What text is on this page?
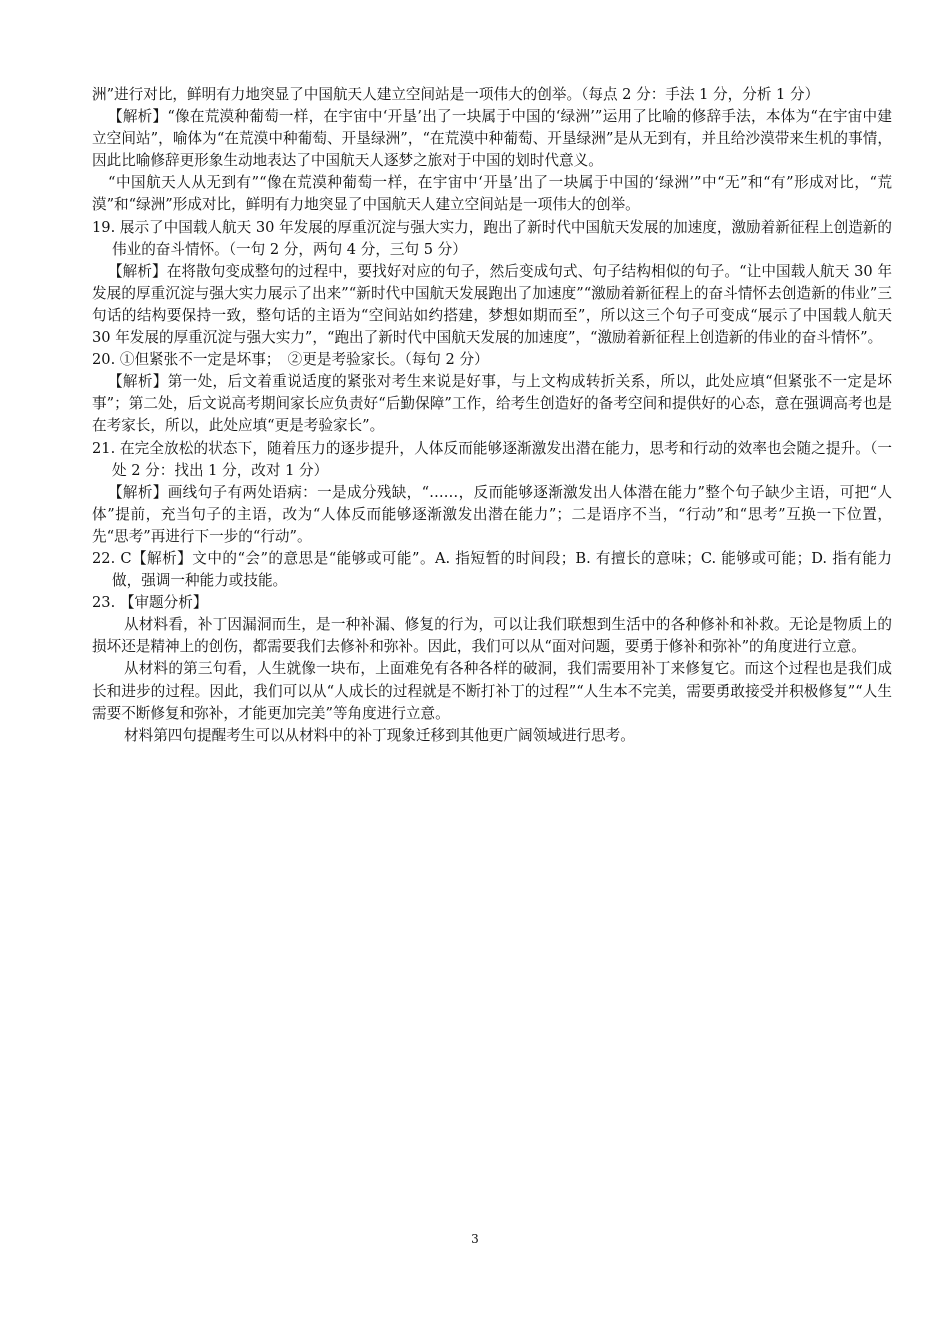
洲”进行对比，鲜明有力地突显了中国航天人建立空间站是一项伟大的创举。（每点 2 分：手法 1 分，分析 1 分）

【解析】“像在荒漠种葡萄一样，在宇宙中‘开垦’出了一块属于中国的‘绿洲’”运用了比喻的修辞手法，本体为“在宇宙中建立空间站”，喻体为“在荒漠中种葡萄、开垦绿洲”，“在荒漠中种葡萄、开垦绿洲”是从无到有，并且给沙漠带来生机的事情，因此比喻修辞更形象生动地表达了中国航天人逐梦之旅对于中国的划时代意义。

“中国航天人从无到有”“像在荒漠种葡萄一样，在宇宙中‘开垦’出了一块属于中国的‘绿洲’”中“无”和“有”形成对比，“荒漠”和“绿洲”形成对比，鲜明有力地突显了中国航天人建立空间站是一项伟大的创举。

19. 展示了中国载人航天 30 年发展的厚重沉淀与强大实力，跑出了新时代中国航天发展的加速度，激励着新征程上创造新的伟业的奋斗情怀。（一句 2 分，两句 4 分，三句 5 分）

【解析】在将散句变成整句的过程中，要找好对应的句子，然后变成句式、句子结构相似的句子。“让中国载人航天 30 年发展的厚重沉淀与强大实力展示了出来”“新时代中国航天发展跑出了加速度”“激励着新征程上的奋斗情怀去创造新的伟业”三句话的结构要保持一致，整句话的主语为“空间站如约搭建，梦想如期而至”，所以这三个句子可变成“展示了中国载人航天 30 年发展的厚重沉淀与强大实力”，“跑出了新时代中国航天发展的加速度”，“激励着新征程上创造新的伟业的奋斗情怀”。

20. ①但紧张不一定是坏事；　②更是考验家长。（每句 2 分）

【解析】第一处，后文着重说适度的紧张对考生来说是好事，与上文构成转折关系，所以，此处应填“但紧张不一定是坏事”；第二处，后文说高考期间家长应负责好“后勤保障”工作，给考生创造好的备考空间和提供好的心态，意在强调高考也是在考家长，所以，此处应填“更是考验家长”。

21. 在完全放松的状态下，随着压力的逐步提升，人体反而能够逐渐激发出潜在能力，思考和行动的效率也会随之提升。（一处 2 分：找出 1 分，改对 1 分）

【解析】画线句子有两处语病：一是成分残缺，“……，反而能够逐渐激发出人体潜在能力”整个句子缺少主语，可把“人体”提前，充当句子的主语，改为“人体反而能够逐渐激发出潜在能力”；二是语序不当，“行动”和“思考”互换一下位置，先“思考”再进行下一步的“行动”。

22. C【解析】文中的“会”的意思是“能够或可能”。A. 指短暂的时间段；B. 有擅长的意味；C. 能够或可能；D. 指有能力做，强调一种能力或技能。

23. 【审题分析】

从材料看，补丁因漏洞而生，是一种补漏、修复的行为，可以让我们联想到生活中的各种修补和补救。无论是物质上的损坏还是精神上的创伤，都需要我们去修补和弥补。因此，我们可以从“面对问题，要勇于修补和弥补”的角度进行立意。

从材料的第三句看，人生就像一块布，上面难免有各种各样的破洞，我们需要用补丁来修复它。而这个过程也是我们成长和进步的过程。因此，我们可以从“人成长的过程就是不断打补丁的过程”“人生本不完美，需要勇敢接受并积极修复”“人生需要不断修复和弥补，才能更加完美”等角度进行立意。

材料第四句提醒考生可以从材料中的补丁现象迁移到其他更广阔领域进行思考。

3
